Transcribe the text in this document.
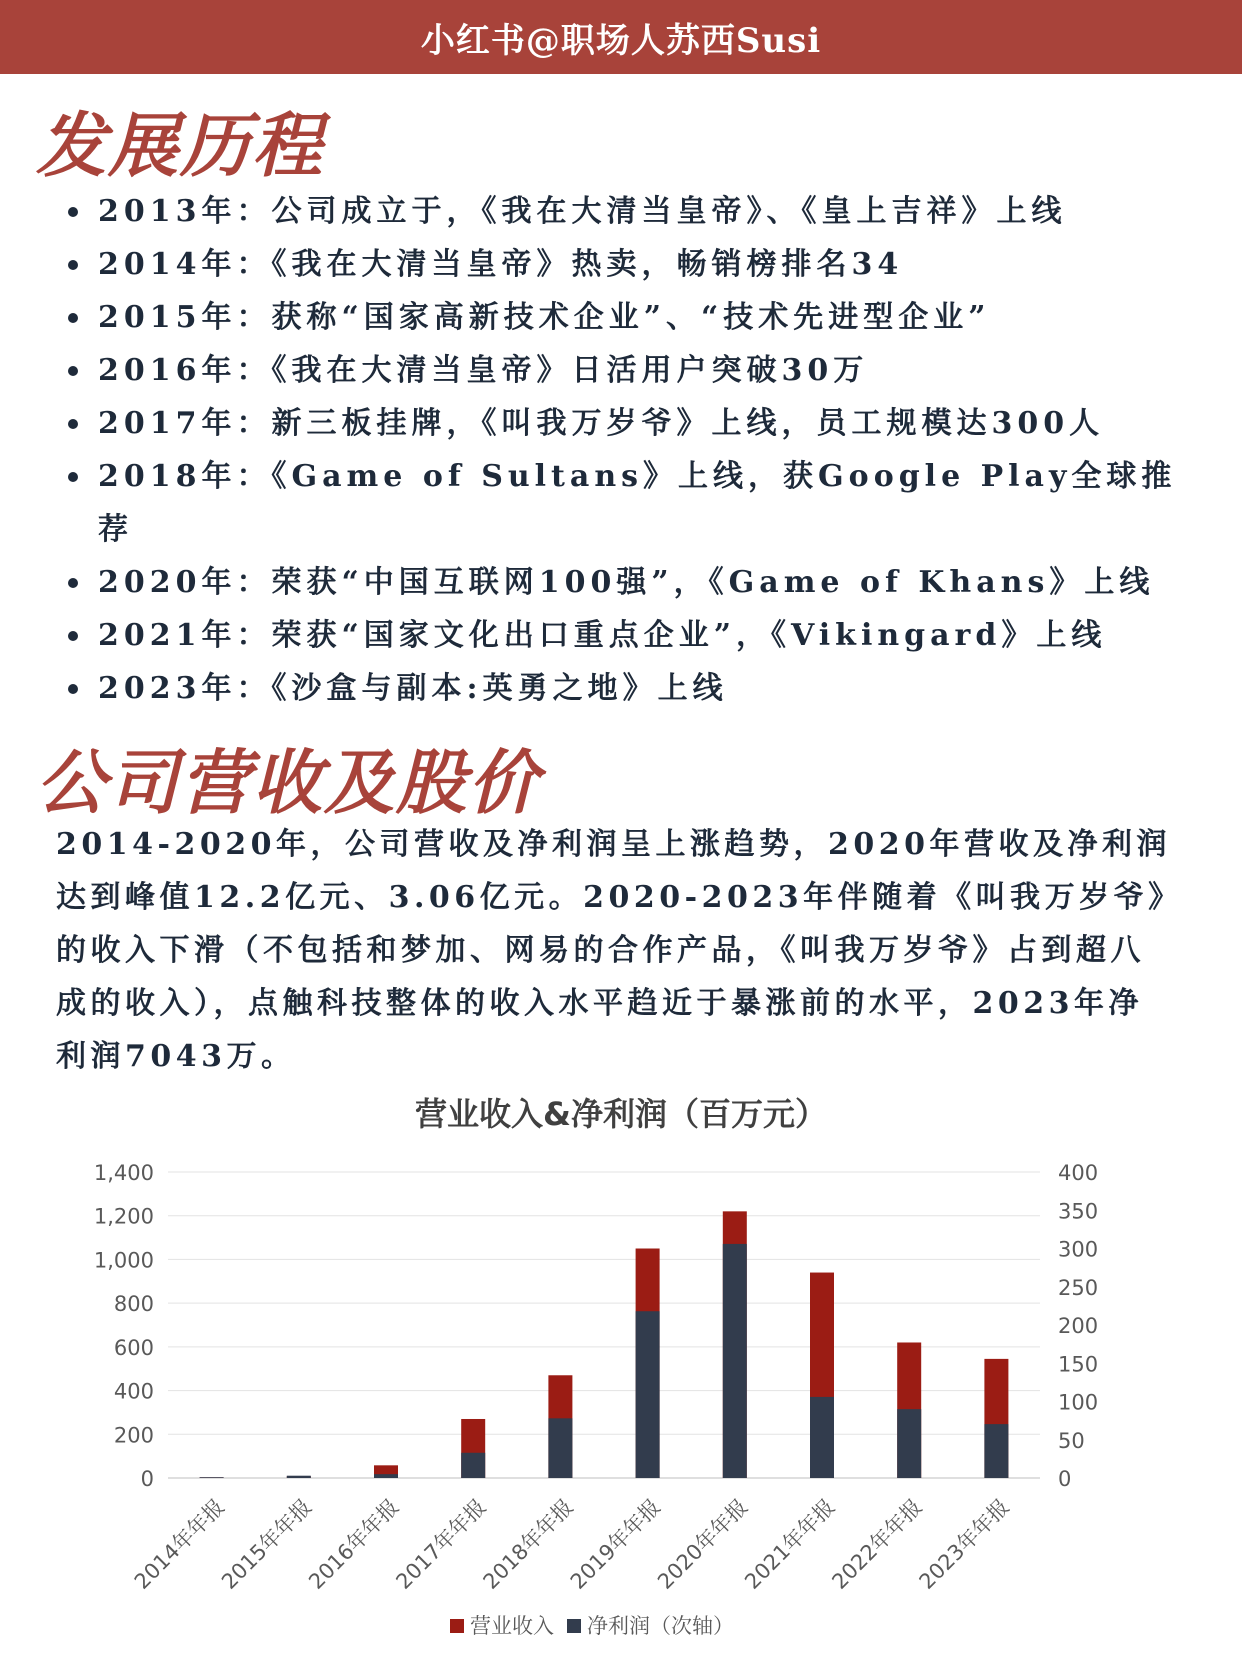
小红书@职场人苏西Susi
发展历程
2013年：公司成立于，《我在大清当皇帝》、《皇上吉祥》上线
2014年：《我在大清当皇帝》热卖，畅销榜排名34
2015年：获称“国家高新技术企业”、“技术先进型企业”
2016年：《我在大清当皇帝》日活用户突破30万
2017年：新三板挂牌，《叫我万岁爷》上线，员工规模达300人
2018年：《Game of Sultans》上线，获Google Play全球推荐
2020年：荣获“中国互联网100强”，《Game of Khans》上线
2021年：荣获“国家文化出口重点企业”，《Vikingard》上线
2023年：《沙盒与副本:英勇之地》上线
公司营收及股价

2014-2020年，公司营收及净利润呈上涨趋势，2020年营收及净利润达到峰值12.2亿元、3.06亿元。2020-2023年伴随着《叫我万岁爷》的收入下滑（不包括和梦加、网易的合作产品，《叫我万岁爷》占到超八成的收入），点触科技整体的收入水平趋近于暴涨前的水平，2023年净利润7043万。

营业收入&净利润（百万元）
0
200
400
600
800
1,000
1,200
1,400
0
50
100
150
200
250
300
350
400
2014年年报
2015年年报
2016年年报
2017年年报
2018年年报
2019年年报
2020年年报
2021年年报
2022年年报
2023年年报
营业收入 净利润（次轴）
